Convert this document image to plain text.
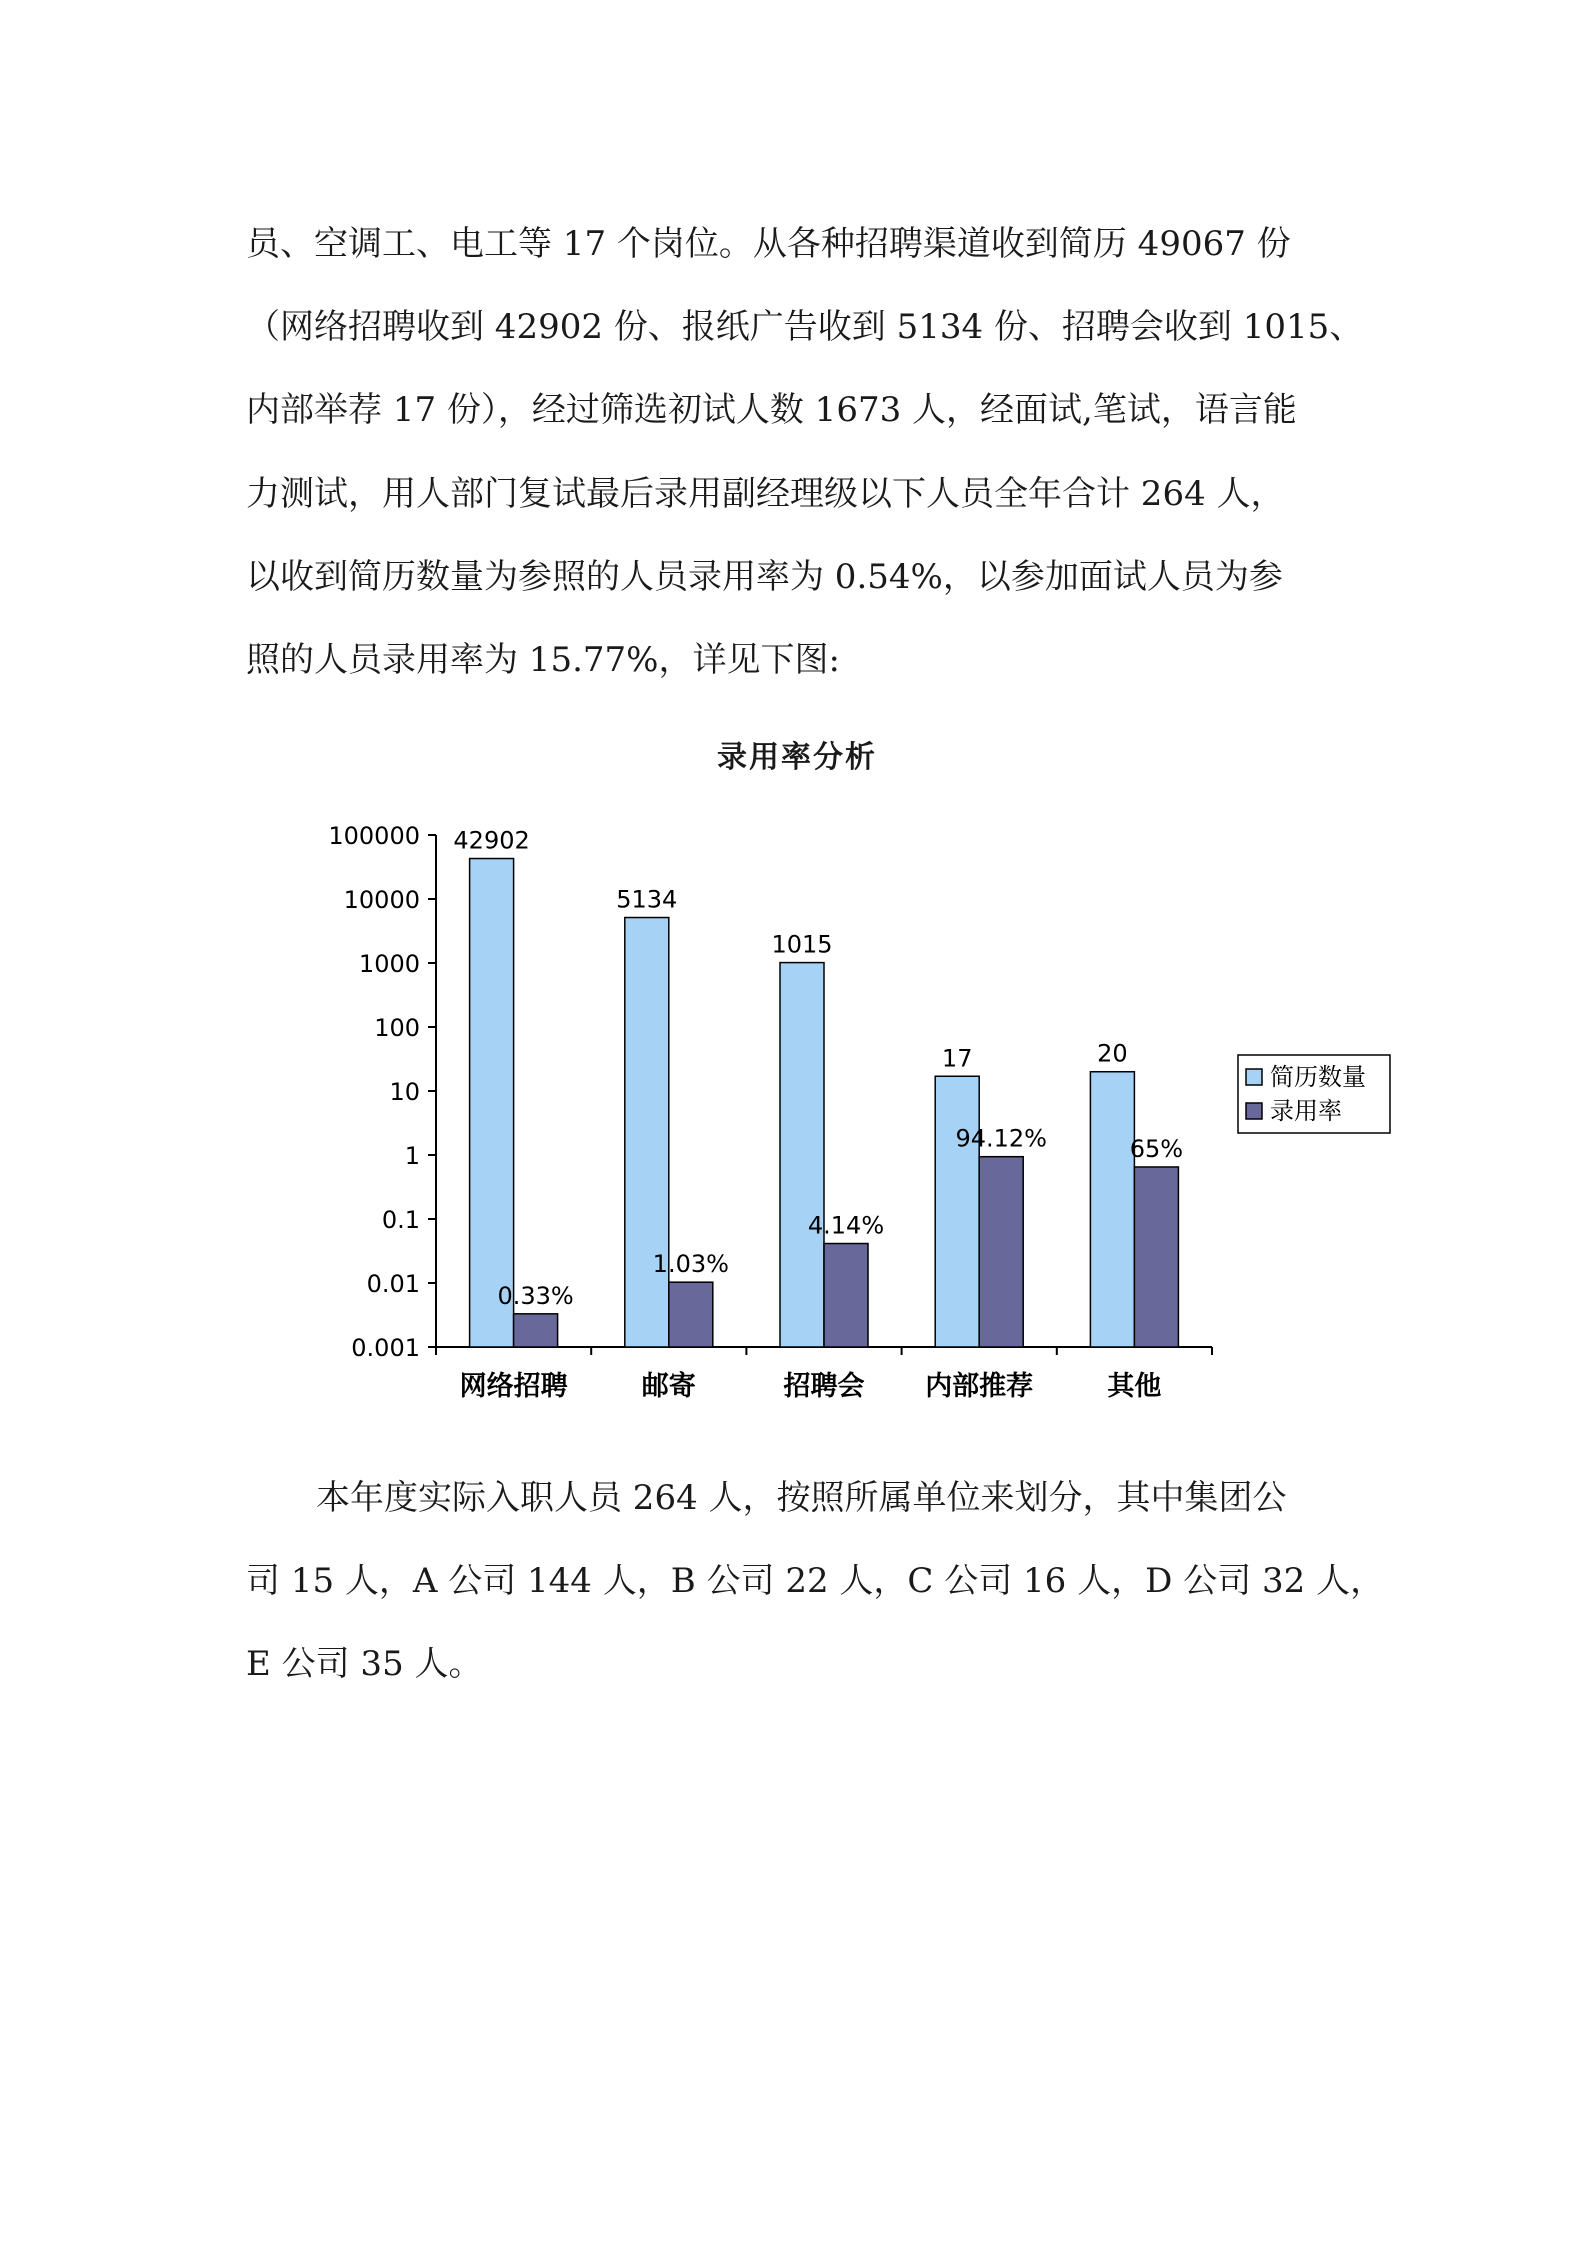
员、空调工、电工等 17 个岗位。从各种招聘渠道收到简历 49067 份
（网络招聘收到 42902 份、报纸广告收到 5134 份、招聘会收到 1015、
内部举荐 17 份），经过筛选初试人数 1673 人，经面试,笔试，语言能
力测试，用人部门复试最后录用副经理级以下人员全年合计 264 人，
以收到简历数量为参照的人员录用率为 0.54%，以参加面试人员为参
照的人员录用率为 15.77%，详见下图:
录用率分析
100000
10000
1000
100
10
1
0.1
0.01
0.001
42902
0.33%
网络招聘
5134
1.03%
邮寄
1015
4.14%
招聘会
17
94.12%
内部推荐
20
65%
其他
简历数量
录用率
本年度实际入职人员 264 人，按照所属单位来划分，其中集团公
司 15 人，A 公司 144 人，B 公司 22 人，C 公司 16 人，D 公司 32 人，
E 公司 35 人。
